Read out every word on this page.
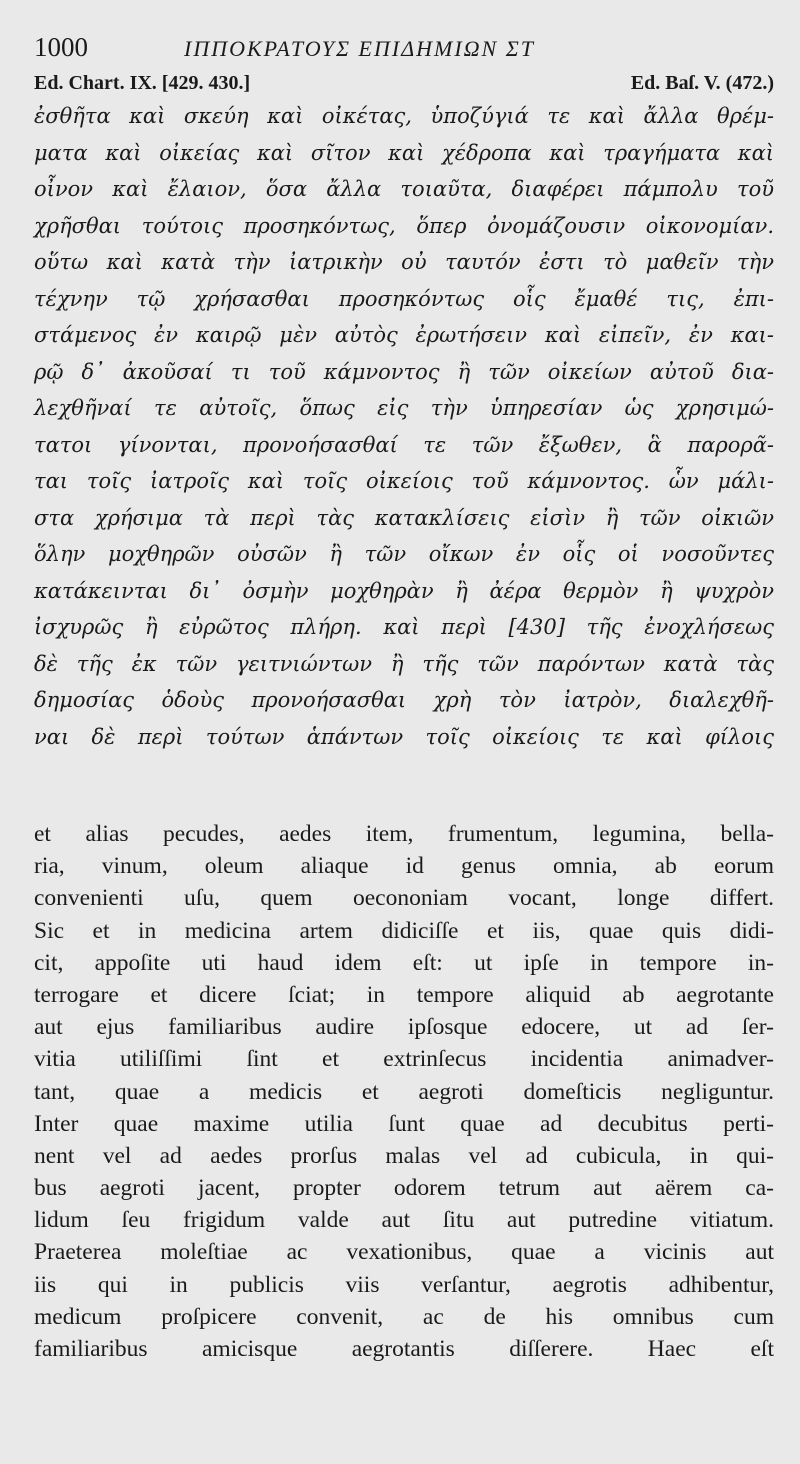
1000	ΙΠΠΟΚΡΑΤΟΥΣ ΕΠΙΔΗΜΙΩΝ ΣΤ
Ed. Chart. IX. [429. 430.]	Ed. Baſ. V. (472.)
ἐσθῆτα καὶ σκεύη καὶ οἰκέτας, ὑποζύγιά τε καὶ ἄλλα θρέμ-
ματα καὶ οἰκείας καὶ σῖτον καὶ χέδροπα καὶ τραγήματα καὶ
οἶνον καὶ ἔλαιον, ὅσα ἄλλα τοιαῦτα, διαφέρει πάμπολυ τοῦ
χρῆσθαι τούτοις προσηκόντως, ὅπερ ὀνομάζουσιν οἰκονομίαν.
οὕτω καὶ κατὰ τὴν ἰατρικὴν οὐ ταυτόν ἐστι τὸ μαθεῖν τὴν
τέχνην τῷ χρήσασθαι προσηκόντως οἷς ἔμαθέ τις, ἐπι-
στάμενος ἐν καιρῷ μὲν αὐτὸς ἐρωτήσειν καὶ εἰπεῖν, ἐν και-
ρῷ δ᾽ ἀκοῦσαί τι τοῦ κάμνοντος ἢ τῶν οἰκείων αὐτοῦ δια-
λεχθῆναί τε αὐτοῖς, ὅπως εἰς τὴν ὑπηρεσίαν ὡς χρησιμώ-
τατοι γίνονται, προνοήσασθαί τε τῶν ἔξωθεν, ἃ παρορᾶ-
ται τοῖς ἰατροῖς καὶ τοῖς οἰκείοις τοῦ κάμνοντος. ὧν μάλι-
στα χρήσιμα τὰ περὶ τὰς κατακλίσεις εἰσὶν ἢ τῶν οἰκιῶν
ὅλην μοχθηρῶν οὐσῶν ἢ τῶν οἴκων ἐν οἷς οἱ νοσοῦντες
κατάκεινται δι᾽ ὀσμὴν μοχθηρὰν ἢ ἀέρα θερμὸν ἢ ψυχρὸν
ἰσχυρῶς ἢ εὐρῶτος πλήρη. καὶ περὶ [430] τῆς ἐνοχλήσεως
δὲ τῆς ἐκ τῶν γειτνιώντων ἢ τῆς τῶν παρόντων κατὰ τὰς
δημοσίας ὁδοὺς προνοήσασθαι χρὴ τὸν ἰατρὸν, διαλεχθῆ-
ναι δὲ περὶ τούτων ἁπάντων τοῖς οἰκείοις τε καὶ φίλοις
et alias pecudes, aedes item, frumentum, legumina, bella-
ria, vinum, oleum aliaque id genus omnia, ab eorum
convenienti uſu, quem oecononiam vocant, longe differt.
Sic et in medicina artem didiciſſe et iis, quae quis didi-
cit, appoſite uti haud idem eſt: ut ipſe in tempore in-
terrogare et dicere ſciat; in tempore aliquid ab aegrotante
aut ejus familiaribus audire ipſosque edocere, ut ad ſer-
vitia utiliſſimi ſint et extrinſecus incidentia animadver-
tant, quae a medicis et aegroti domeſticis negliguntur.
Inter quae maxime utilia ſunt quae ad decubitus perti-
nent vel ad aedes prorſus malas vel ad cubicula, in qui-
bus aegroti jacent, propter odorem tetrum aut aërem ca-
lidum ſeu frigidum valde aut ſitu aut putredine vitiatum.
Praeterea moleſtiae ac vexationibus, quae a vicinis aut
iis qui in publicis viis verſantur, aegrotis adhibentur,
medicum proſpicere convenit, ac de his omnibus cum
familiaribus amicisque aegrotantis diſſerere. Haec eſt
